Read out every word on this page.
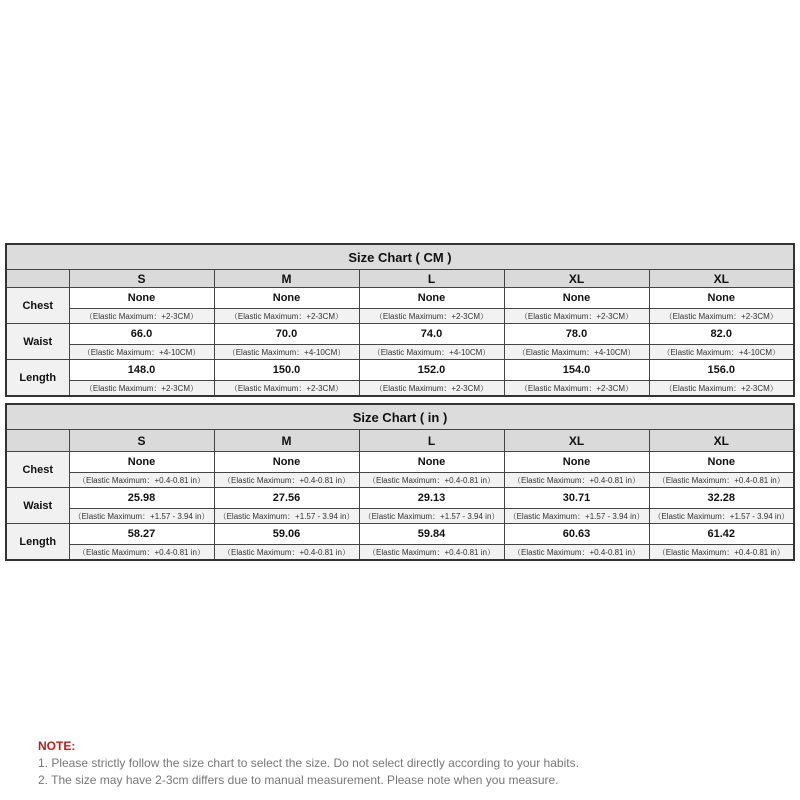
Size Chart ( CM )					
	S	M	L	XL	XL
Chest	None	None	None	None	None
	（Elastic Maximum：+2-3CM）	（Elastic Maximum：+2-3CM）	（Elastic Maximum：+2-3CM）	（Elastic Maximum：+2-3CM）	（Elastic Maximum：+2-3CM）
Waist	66.0	70.0	74.0	78.0	82.0
	（Elastic Maximum：+4-10CM）	（Elastic Maximum：+4-10CM）	（Elastic Maximum：+4-10CM）	（Elastic Maximum：+4-10CM）	（Elastic Maximum：+4-10CM）
Length	148.0	150.0	152.0	154.0	156.0
	（Elastic Maximum：+2-3CM）	（Elastic Maximum：+2-3CM）	（Elastic Maximum：+2-3CM）	（Elastic Maximum：+2-3CM）	（Elastic Maximum：+2-3CM）
Size Chart ( in )					
	S	M	L	XL	XL
Chest	None	None	None	None	None
	（Elastic Maximum：+0.4-0.81 in）	（Elastic Maximum：+0.4-0.81 in）	（Elastic Maximum：+0.4-0.81 in）	（Elastic Maximum：+0.4-0.81 in）	（Elastic Maximum：+0.4-0.81 in）
Waist	25.98	27.56	29.13	30.71	32.28
	（Elastic Maximum：+1.57 - 3.94 in）	（Elastic Maximum：+1.57 - 3.94 in）	（Elastic Maximum：+1.57 - 3.94 in）	（Elastic Maximum：+1.57 - 3.94 in）	（Elastic Maximum：+1.57 - 3.94 in）
Length	58.27	59.06	59.84	60.63	61.42
	（Elastic Maximum：+0.4-0.81 in）	（Elastic Maximum：+0.4-0.81 in）	（Elastic Maximum：+0.4-0.81 in）	（Elastic Maximum：+0.4-0.81 in）	（Elastic Maximum：+0.4-0.81 in）
NOTE:
1. Please strictly follow the size chart to select the size. Do not select directly according to your habits.
2. The size may have 2-3cm differs due to manual measurement. Please note when you measure.
